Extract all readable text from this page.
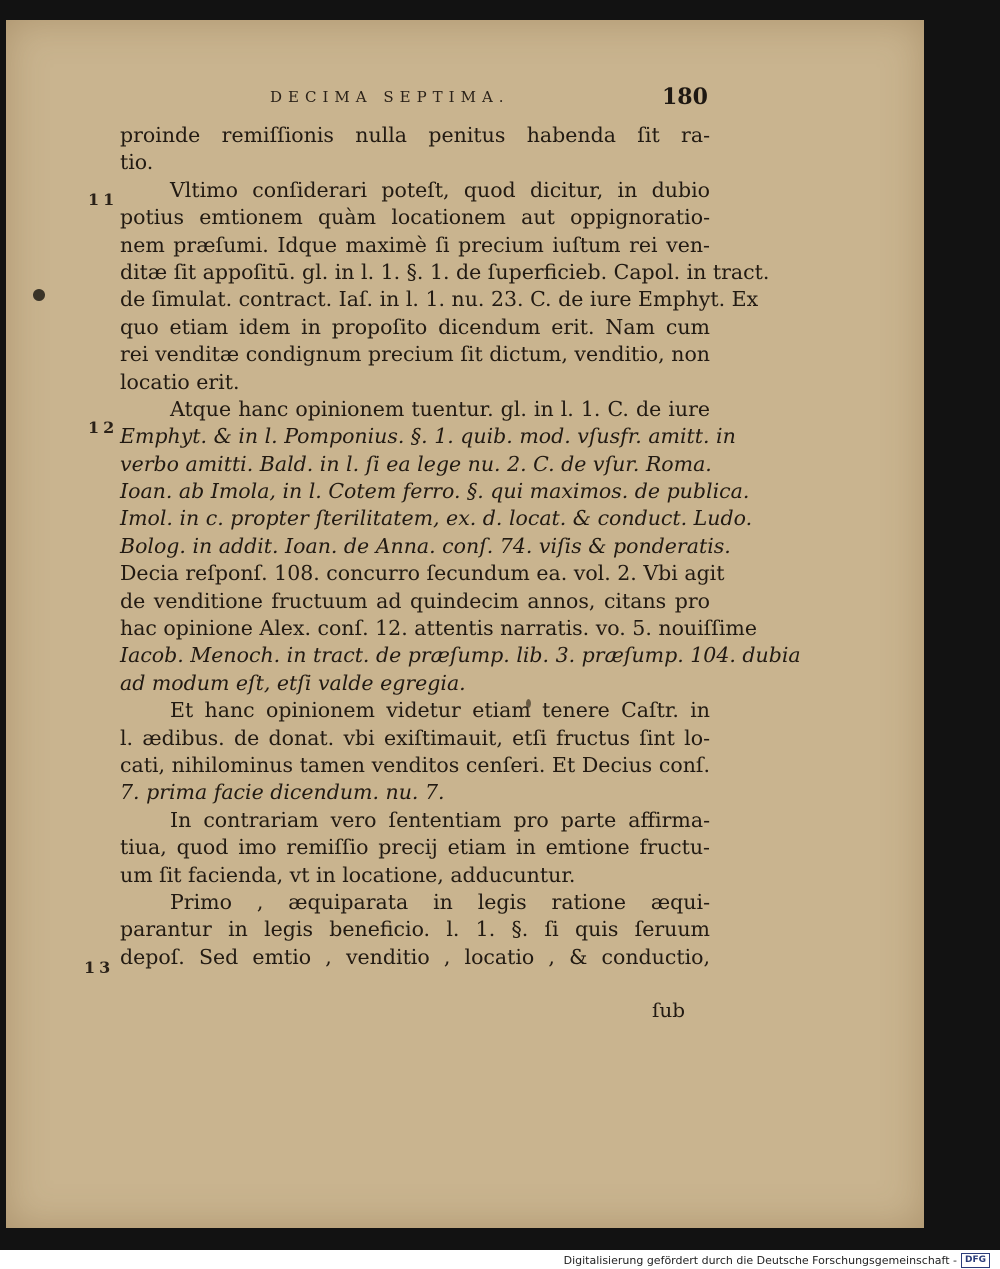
DECIMA SEPTIMA.	180
11
12
13
proinde remiſſionis nulla penitus habenda ſit ra-
tio.
Vltimo conſiderari poteſt, quod dicitur, in dubio
potius emtionem quàm locationem aut oppignoratio-
nem præſumi. Idque maximè ſi precium iuſtum rei ven-
ditæ ſit appoſitū. gl. in l. 1. §. 1. de ſuperficieb. Capol. in tract.
de ſimulat. contract. Iaſ. in l. 1. nu. 23. C. de iure Emphyt. Ex
quo etiam idem in propoſito dicendum erit. Nam cum
rei venditæ condignum precium ſit dictum, venditio, non
locatio erit.
Atque hanc opinionem tuentur. gl. in l. 1. C. de iure
Emphyt. & in l. Pomponius. §. 1. quib. mod. vſusfr. amitt. in
verbo amitti. Bald. in l. ſi ea lege nu. 2. C. de vſur. Roma.
Ioan. ab Imola, in l. Cotem ferro. §. qui maximos. de publica.
Imol. in c. propter ſterilitatem, ex. d. locat. & conduct. Ludo.
Bolog. in addit. Ioan. de Anna. conſ. 74. viſis & ponderatis.
Decia reſponſ. 108. concurro ſecundum ea. vol. 2. Vbi agit
de venditione fructuum ad quindecim annos, citans pro
hac opinione Alex. conſ. 12. attentis narratis. vo. 5. nouiſſime
Iacob. Menoch. in tract. de præſump. lib. 3. præſump. 104. dubia
ad modum eſt, etſi valde egregia.
Et hanc opinionem videtur etiam tenere Caſtr. in
l. ædibus. de donat. vbi exiſtimauit, etſi fructus ſint lo-
cati, nihilominus tamen venditos cenſeri. Et Decius conſ.
7. prima facie dicendum. nu. 7.
In contrariam vero ſententiam pro parte affirma-
tiua, quod imo remiſſio precij etiam in emtione fructu-
um ſit facienda, vt in locatione, adducuntur.
Primo , æquiparata in legis ratione æqui-
parantur in legis beneficio. l. 1. §. ſi quis ſeruum
depoſ. Sed emtio , venditio , locatio , & conductio,
ſub
Digitalisierung gefördert durch die Deutsche Forschungsgemeinschaft - DFG
